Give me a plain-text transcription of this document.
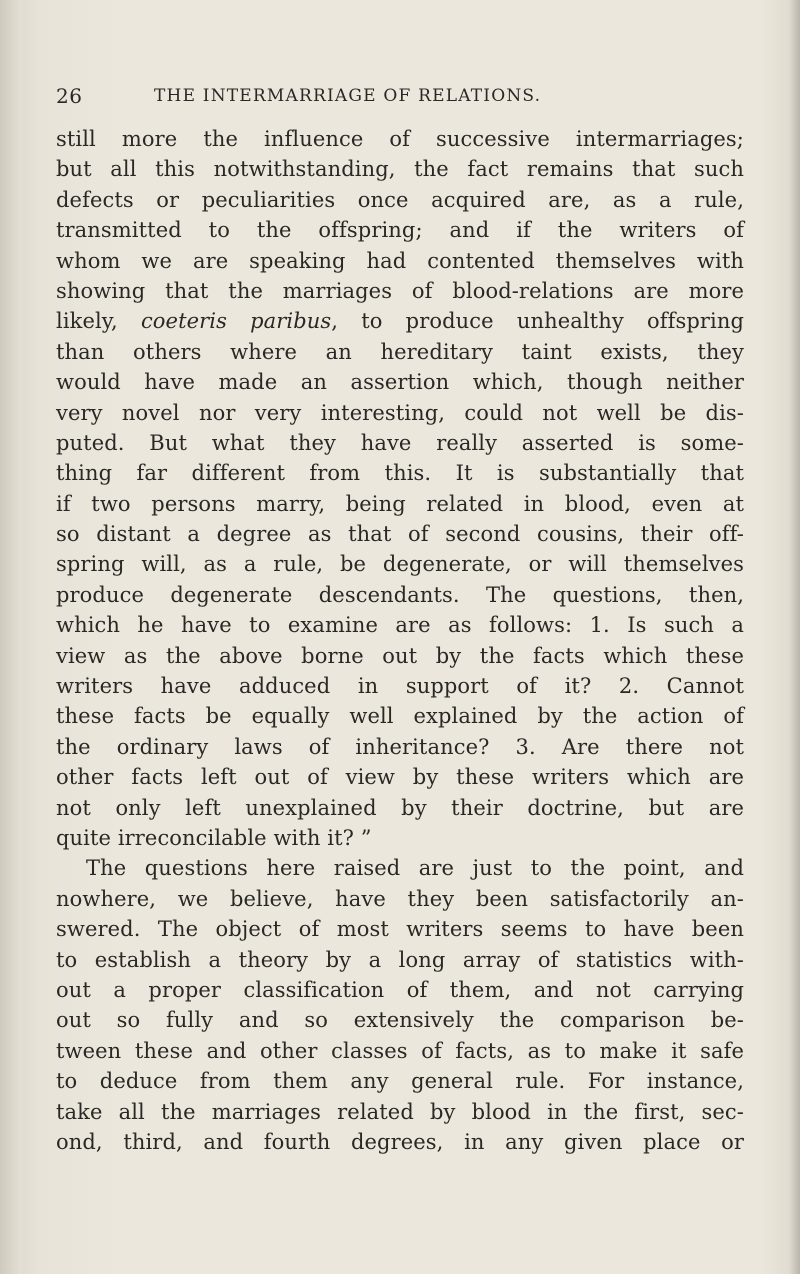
26	THE INTERMARRIAGE OF RELATIONS.
still more the influence of successive intermarriages;
but all this notwithstanding, the fact remains that such
defects or peculiarities once acquired are, as a rule,
transmitted to the offspring; and if the writers of
whom we are speaking had contented themselves with
showing that the marriages of blood-relations are more
likely, coeteris paribus, to produce unhealthy offspring
than others where an hereditary taint exists, they
would have made an assertion which, though neither
very novel nor very interesting, could not well be dis-
puted. But what they have really asserted is some-
thing far different from this. It is substantially that
if two persons marry, being related in blood, even at
so distant a degree as that of second cousins, their off-
spring will, as a rule, be degenerate, or will themselves
produce degenerate descendants. The questions, then,
which he have to examine are as follows: 1. Is such a
view as the above borne out by the facts which these
writers have adduced in support of it? 2. Cannot
these facts be equally well explained by the action of
the ordinary laws of inheritance? 3. Are there not
other facts left out of view by these writers which are
not only left unexplained by their doctrine, but are
quite irreconcilable with it? ”
The questions here raised are just to the point, and
nowhere, we believe, have they been satisfactorily an-
swered. The object of most writers seems to have been
to establish a theory by a long array of statistics with-
out a proper classification of them, and not carrying
out so fully and so extensively the comparison be-
tween these and other classes of facts, as to make it safe
to deduce from them any general rule. For instance,
take all the marriages related by blood in the first, sec-
ond, third, and fourth degrees, in any given place or
